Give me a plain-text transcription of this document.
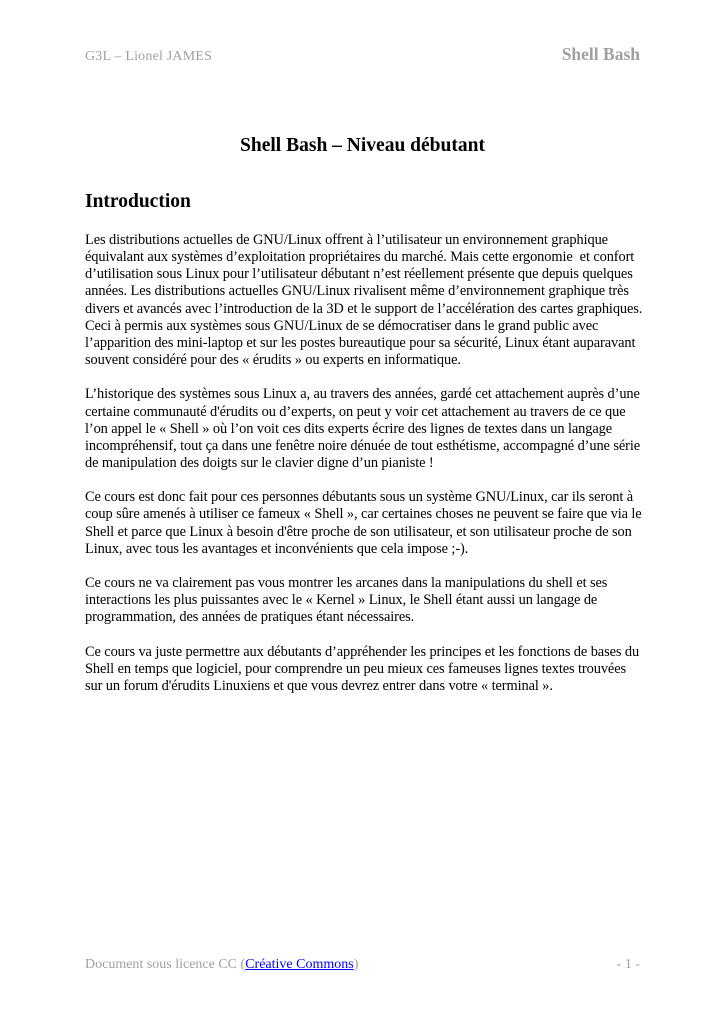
G3L – Lionel JAMES	Shell Bash
Shell Bash – Niveau débutant
Introduction

Les distributions actuelles de GNU/Linux offrent à l’utilisateur un environnement graphique équivalant aux systèmes d’exploitation propriétaires du marché. Mais cette ergonomie  et confort d’utilisation sous Linux pour l’utilisateur débutant n’est réellement présente que depuis quelques années. Les distributions actuelles GNU/Linux rivalisent même d’environnement graphique très divers et avancés avec l’introduction de la 3D et le support de l’accélération des cartes graphiques. Ceci à permis aux systèmes sous GNU/Linux de se démocratiser dans le grand public avec l’apparition des mini-laptop et sur les postes bureautique pour sa sécurité, Linux étant auparavant souvent considéré pour des « érudits » ou experts en informatique.

L’historique des systèmes sous Linux a, au travers des années, gardé cet attachement auprès d’une certaine communauté d'érudits ou d’experts, on peut y voir cet attachement au travers de ce que l’on appel le « Shell » où l’on voit ces dits experts écrire des lignes de textes dans un langage incompréhensif, tout ça dans une fenêtre noire dénuée de tout esthétisme, accompagné d’une série de manipulation des doigts sur le clavier digne d’un pianiste !

Ce cours est donc fait pour ces personnes débutants sous un système GNU/Linux, car ils seront à coup sûre amenés à utiliser ce fameux « Shell », car certaines choses ne peuvent se faire que via le Shell et parce que Linux à besoin d'être proche de son utilisateur, et son utilisateur proche de son Linux, avec tous les avantages et inconvénients que cela impose ;-).

Ce cours ne va clairement pas vous montrer les arcanes dans la manipulations du shell et ses interactions les plus puissantes avec le « Kernel » Linux, le Shell étant aussi un langage de programmation, des années de pratiques étant nécessaires.

Ce cours va juste permettre aux débutants d’appréhender les principes et les fonctions de bases du Shell en temps que logiciel, pour comprendre un peu mieux ces fameuses lignes textes trouvées sur un forum d'érudits Linuxiens et que vous devrez entrer dans votre « terminal ».

Document sous licence CC (Créative Commons)	- 1 -
